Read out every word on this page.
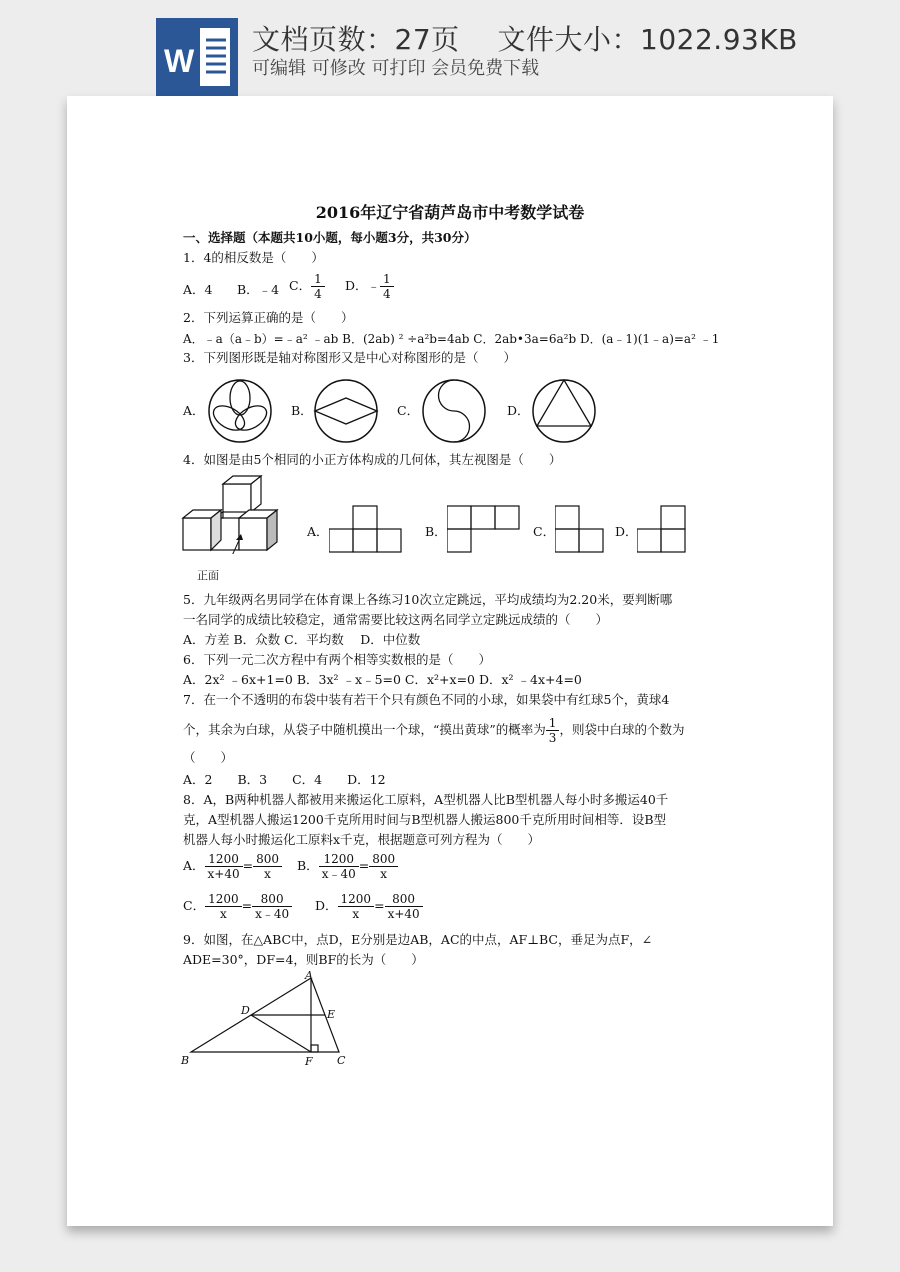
W
文档页数：27页　 文件大小：1022.93KB
可编辑 可修改 可打印 会员免费下载
2016年辽宁省葫芦岛市中考数学试卷
一、选择题（本题共10小题，每小题3分，共30分）
1．4的相反数是（　　）
A．4 B．﹣4 C． $\frac{1}{4}$ D．﹣ $\frac{1}{4}$
2．下列运算正确的是（　　）
A．﹣a（a﹣b）=﹣a² ﹣ab B．(2ab) ² ÷a²b=4ab C．2ab•3a=6a²b D．(a﹣1)(1﹣a)=a² ﹣1
3．下列图形既是轴对称图形又是中心对称图形的是（　　）
A．	B．	C．	D．
4．如图是由5个相同的小正方体构成的几何体，其左视图是（　　）
正面
A．	B．	C．	D．
5．九年级两名男同学在体育课上各练习10次立定跳远，平均成绩均为2.20米，要判断哪
一名同学的成绩比较稳定，通常需要比较这两名同学立定跳远成绩的（　　）
A．方差 B．众数 C．平均数　 D．中位数
6．下列一元二次方程中有两个相等实数根的是（　　）
A．2x² ﹣6x+1=0 B．3x² ﹣x﹣5=0 C．x²+x=0 D．x² ﹣4x+4=0
7．在一个不透明的布袋中装有若干个只有颜色不同的小球，如果袋中有红球5个，黄球4
个，其余为白球，从袋子中随机摸出一个球，“摸出黄球”的概率为 $\frac{1}{3}$ ，则袋中白球的个数为
（　　）
A．2　　B．3　　C．4　　D．12
8．A，B两种机器人都被用来搬运化工原料，A型机器人比B型机器人每小时多搬运40千
克，A型机器人搬运1200千克所用时间与B型机器人搬运800千克所用时间相等．设B型
机器人每小时搬运化工原料x千克，根据题意可列方程为（　　）
A． $\frac{1200}{x+40} = \frac{800}{x}$ B． $\frac{1200}{x﹣40} = \frac{800}{x}$
C． $\frac{1200}{x} = \frac{800}{x﹣40}$ D． $\frac{1200}{x} = \frac{800}{x+40}$
9．如图，在△ABC中，点D，E分别是边AB，AC的中点，AF⊥BC，垂足为点F，∠
ADE=30°，DF=4，则BF的长为（　　）
A
B	C
D	E
F
